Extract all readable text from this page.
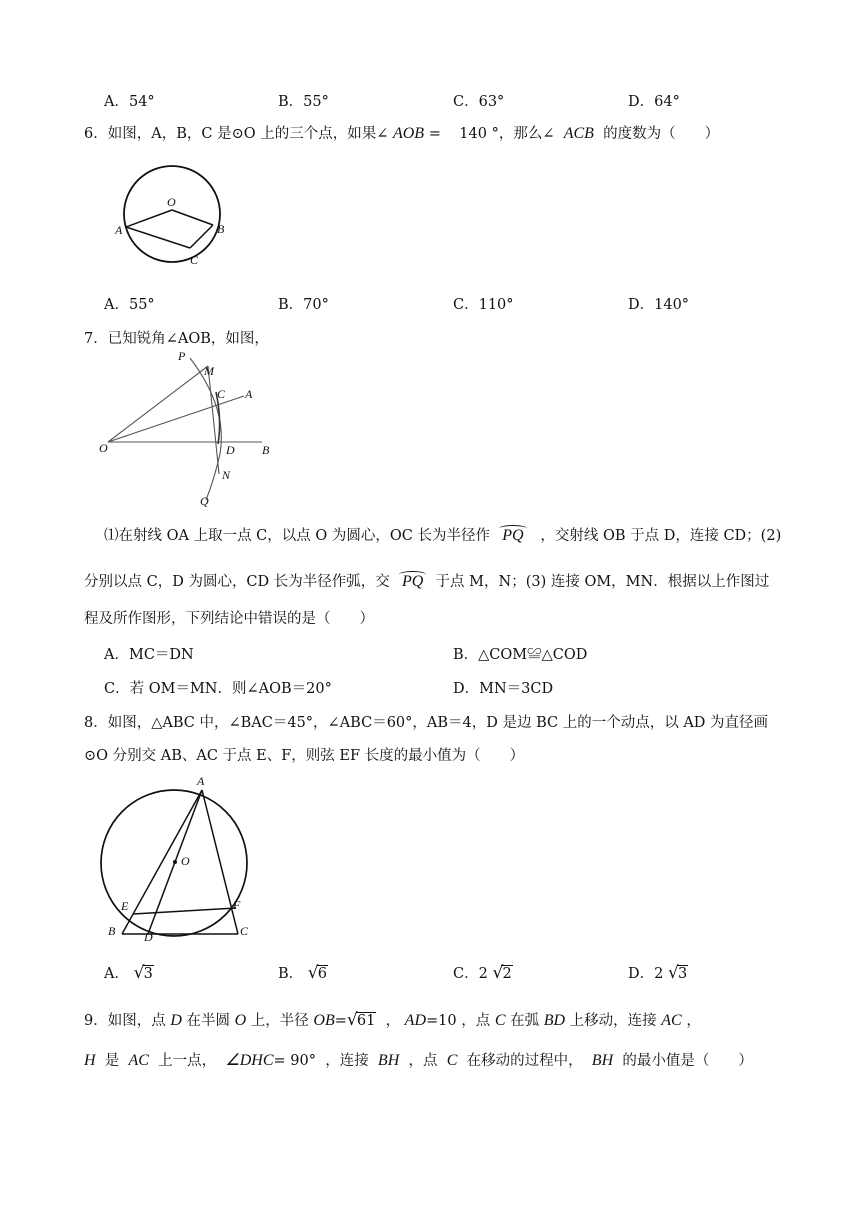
A．54°	B．55°	C．63°	D．64°
6．如图，A，B，C 是⊙O 上的三个点，如果∠ AOB = 140 °，那么∠ ACB 的度数为（　　）
O
A	B
C
A．55°	B．70°	C．110°	D．140°
7．已知锐角∠AOB，如图，
P
M
C A
O	D B
N
Q
⑴在射线 OA 上取一点 C，以点 O 为圆心，OC 长为半径作 PQ ，交射线 OB 于点 D，连接 CD；(2)
分别以点 C，D 为圆心，CD 长为半径作弧，交 PQ 于点 M，N；(3) 连接 OM，MN．根据以上作图过
程及所作图形，下列结论中错误的是（　　）
A．MC＝DN	B．△COM≌△COD
C．若 OM＝MN．则∠AOB＝20°	D．MN＝3CD
8．如图，△ABC 中，∠BAC＝45°，∠ABC＝60°，AB＝4，D 是边 BC 上的一个动点，以 AD 为直径画
⊙O 分别交 AB、AC 于点 E、F，则弦 EF 长度的最小值为（　　）
A
O
E	F
B D	C
A． √ 3	B． √ 6	C．2 √ 2	D．2 √ 3
9．如图，点 D 在半圆 O 上，半径 OB= √ 61 ， AD=10 ，点 C 在弧 BD 上移动，连接 AC ，
H 是 AC 上一点， ∠DHC= 90° ，连接 BH ，点 C 在移动的过程中， BH 的最小值是（　　）
